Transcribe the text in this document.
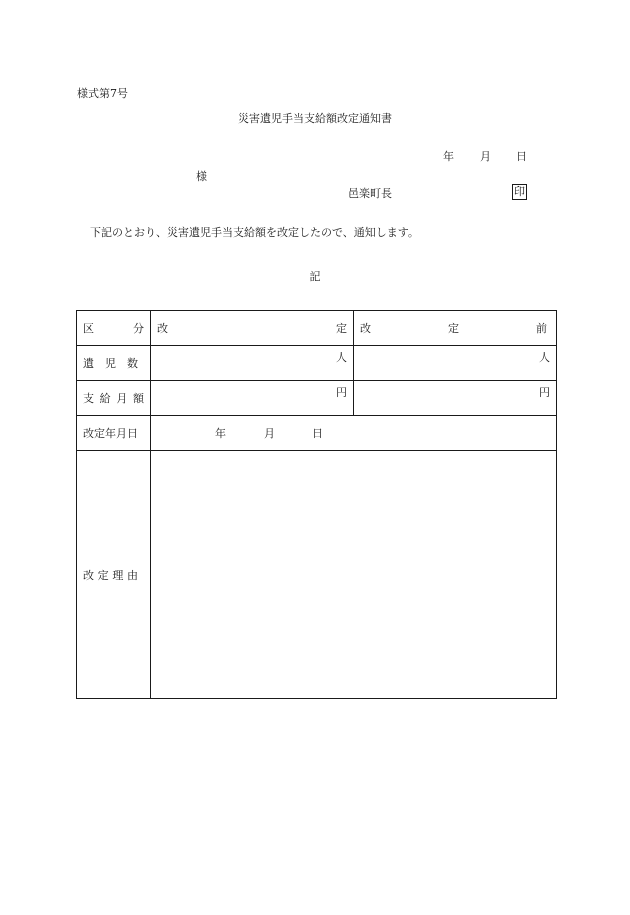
様式第7号
災害遺児手当支給額改定通知書
年 月 日
様
邑楽町長	印
下記のとおり、災害遺児手当支給額を改定したので、通知します。
記
区 分	改 定	改 定 前

遺 児 数	人	人

支 給 月 額	円	円

改定年月日	年 月 日	

改 定 理 由		
